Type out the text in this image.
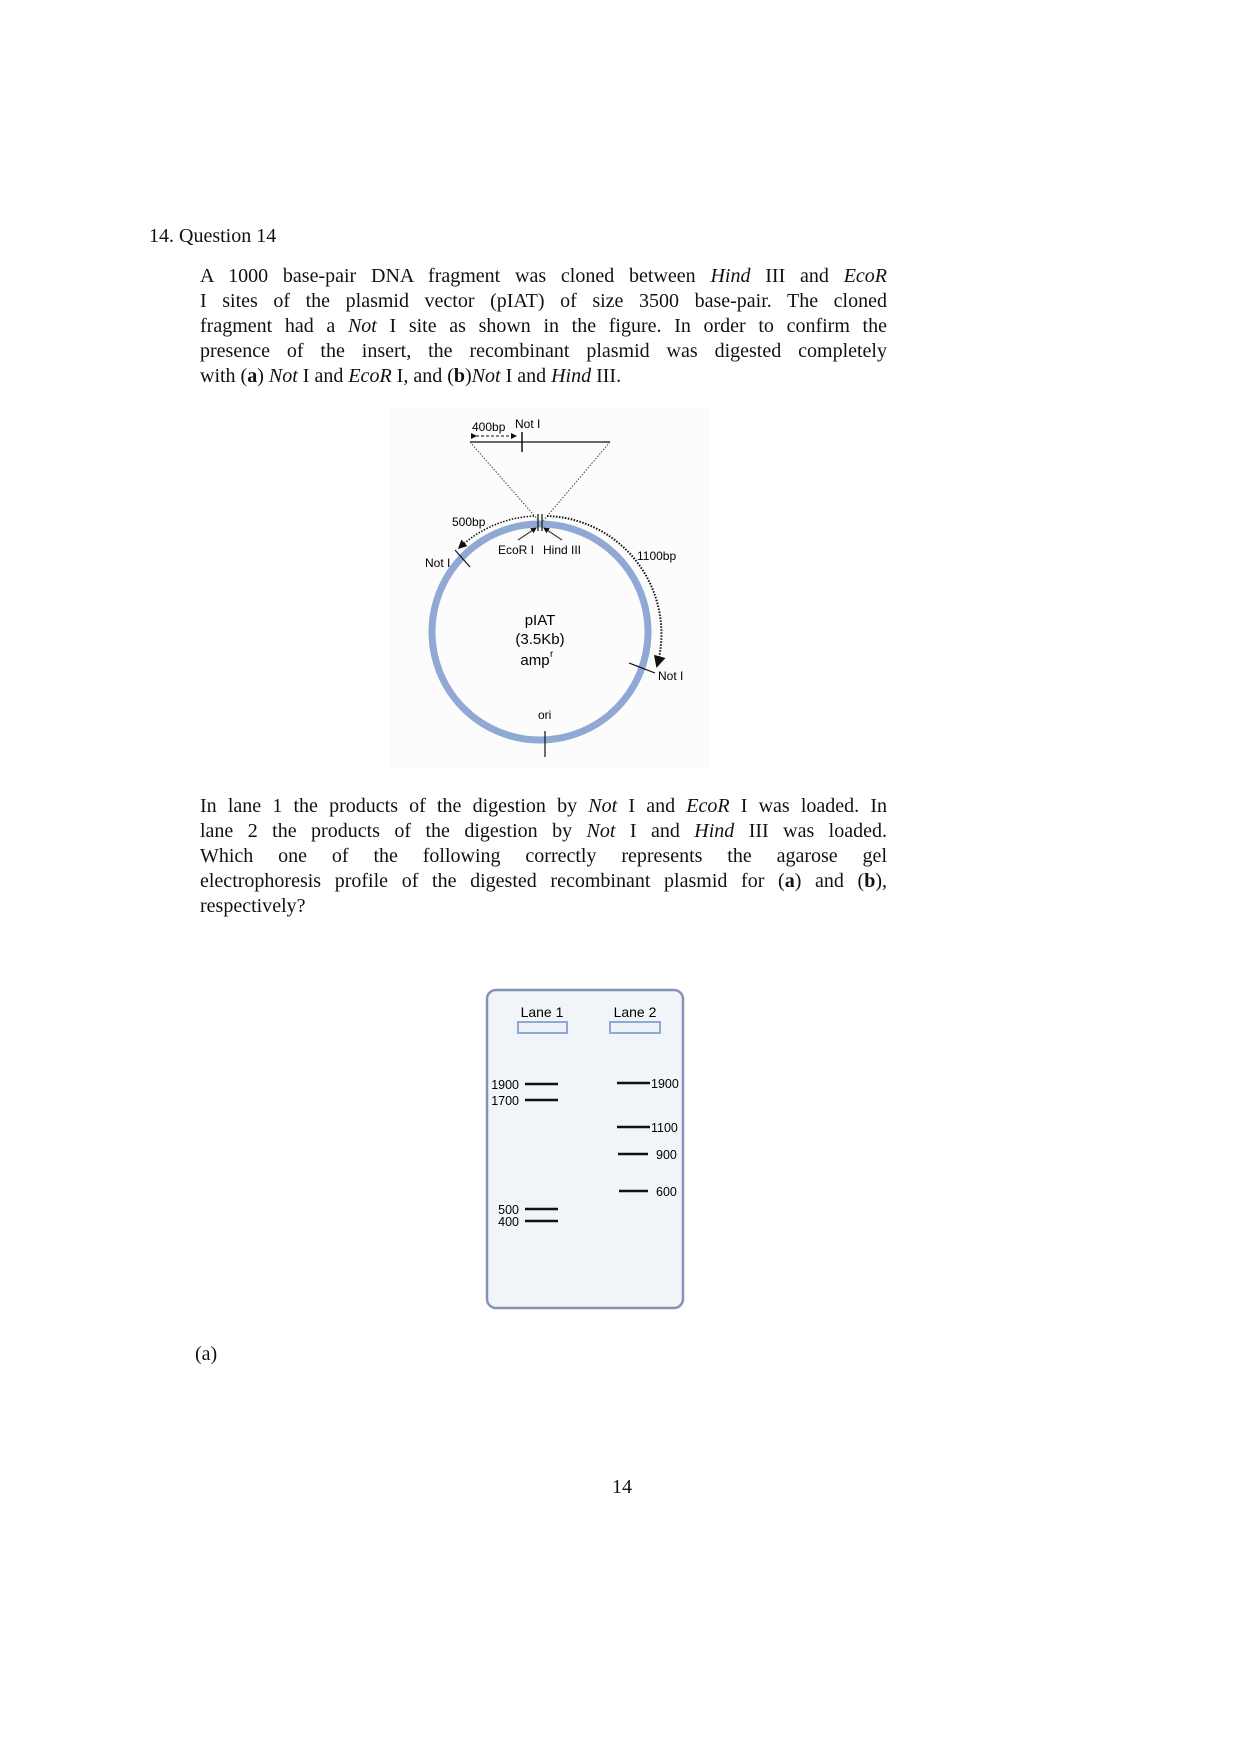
14. Question 14
A 1000 base-pair DNA fragment was cloned between Hind III and EcoR
I sites of the plasmid vector (pIAT) of size 3500 base-pair. The cloned
fragment had a Not I site as shown in the figure. In order to confirm the
presence of the insert, the recombinant plasmid was digested completely
with (a) Not I and EcoR I, and (b)Not I and Hind III.
400bp Not I
EcoR I Hind III
500bp
Not I	1100bp
Not I
pIAT
(3.5Kb)
amp r
ori
In lane 1 the products of the digestion by Not I and EcoR I was loaded. In
lane 2 the products of the digestion by Not I and Hind III was loaded.
Which one of the following correctly represents the agarose gel
electrophoresis profile of the digested recombinant plasmid for (a) and (b),
respectively?
Lane 1	Lane 2
1900
1700
500
400
1900
1100
900
600
(a)
14
